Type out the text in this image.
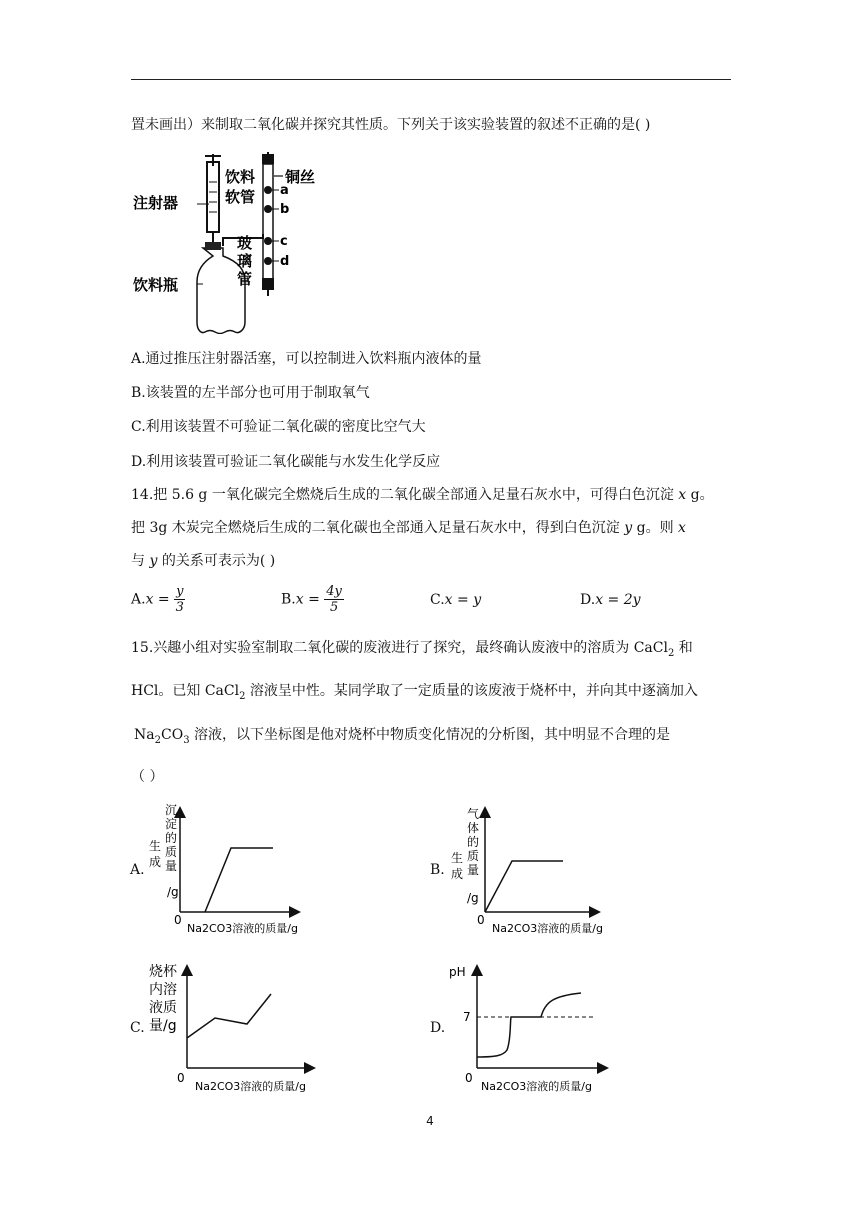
置未画出）来制取二氧化碳并探究其性质。下列关于该实验装置的叙述不正确的是( )
注射器
饮料
软管
铜丝
玻
璃
管
饮料瓶
a
b
c
d
A.通过推压注射器活塞，可以控制进入饮料瓶内液体的量
B.该装置的左半部分也可用于制取氧气
C.利用该装置不可验证二氧化碳的密度比空气大
D.利用该装置可验证二氧化碳能与水发生化学反应
14.把 5.6 g 一氧化碳完全燃烧后生成的二氧化碳全部通入足量石灰水中，可得白色沉淀 x g。
把 3g 木炭完全燃烧后生成的二氧化碳也全部通入足量石灰水中，得到白色沉淀 y g。则 x
与 y 的关系可表示为( )
$A.x = \frac{y}{3}$	$B.x = \frac{4y}{5}$	C.x = y	D.x = 2y
15.兴趣小组对实验室制取二氧化碳的废液进行了探究，最终确认废液中的溶质为 CaCl$_2$ 和
HCl。已知 CaCl$_2$ 溶液呈中性。某同学取了一定质量的该废液于烧杯中，并向其中逐滴加入
$Na_2CO_3$ 溶液，以下坐标图是他对烧杯中物质变化情况的分析图，其中明显不合理的是
（ ）
A.
沉
淀
的
质
量
/g
生
成
0
Na2CO3溶液的质量/g
B.
气
体
的
质
量
/g
生
成
0
Na2CO3溶液的质量/g
C.
烧杯
内溶
液质
量/g
0
Na2CO3溶液的质量/g
D.
pH
7
0
Na2CO3溶液的质量/g
4
